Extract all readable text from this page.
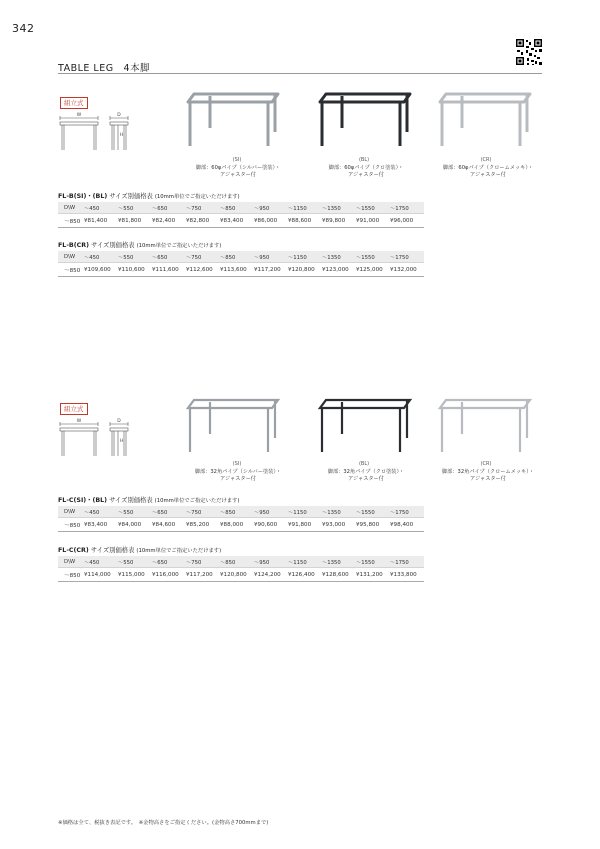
342
TABLE LEG　4本脚
組立式
W	D
H
(SI)	(BL)	(CR)
脚部：60φパイプ（シルバー塗装）・
アジャスター付
脚部：60φパイプ（クロ塗装）・
アジャスター付
脚部：60φパイプ（クロームメッキ）・
アジャスター付
FL-B(SI)・(BL) サイズ別価格表 (10mm単位でご指定いただけます)
D\W	～450	～550	～650	～750	～850	～950	～1150	～1350	～1550	～1750
～850	¥81,400	¥81,800	¥82,400	¥82,800	¥83,400	¥86,000	¥88,600	¥89,800	¥91,000	¥96,000
FL-B(CR) サイズ別価格表 (10mm単位でご指定いただけます)
D\W	～450	～550	～650	～750	～850	～950	～1150	～1350	～1550	～1750
～850	¥109,600	¥110,600	¥111,600	¥112,600	¥113,600	¥117,200	¥120,800	¥123,000	¥125,000	¥132,000
組立式
W	D
H
(SI)	(BL)	(CR)
脚部：32角パイプ（シルバー塗装）・
アジャスター付
脚部：32角パイプ（クロ塗装）・
アジャスター付
脚部：32角パイプ（クロームメッキ）・
アジャスター付
FL-C(SI)・(BL) サイズ別価格表 (10mm単位でご指定いただけます)
D\W	～450	～550	～650	～750	～850	～950	～1150	～1350	～1550	～1750
～850	¥83,400	¥84,000	¥84,600	¥85,200	¥88,000	¥90,600	¥91,800	¥93,000	¥95,800	¥98,400
FL-C(CR) サイズ別価格表 (10mm単位でご指定いただけます)
D\W	～450	～550	～650	～750	～850	～950	～1150	～1350	～1550	～1750
～850	¥114,000	¥115,000	¥116,000	¥117,200	¥120,800	¥124,200	¥126,400	¥128,600	¥131,200	¥133,800
※価格は全て、税抜き表記です。　※金物高さをご指定ください。(金物高さ700mmまで)
